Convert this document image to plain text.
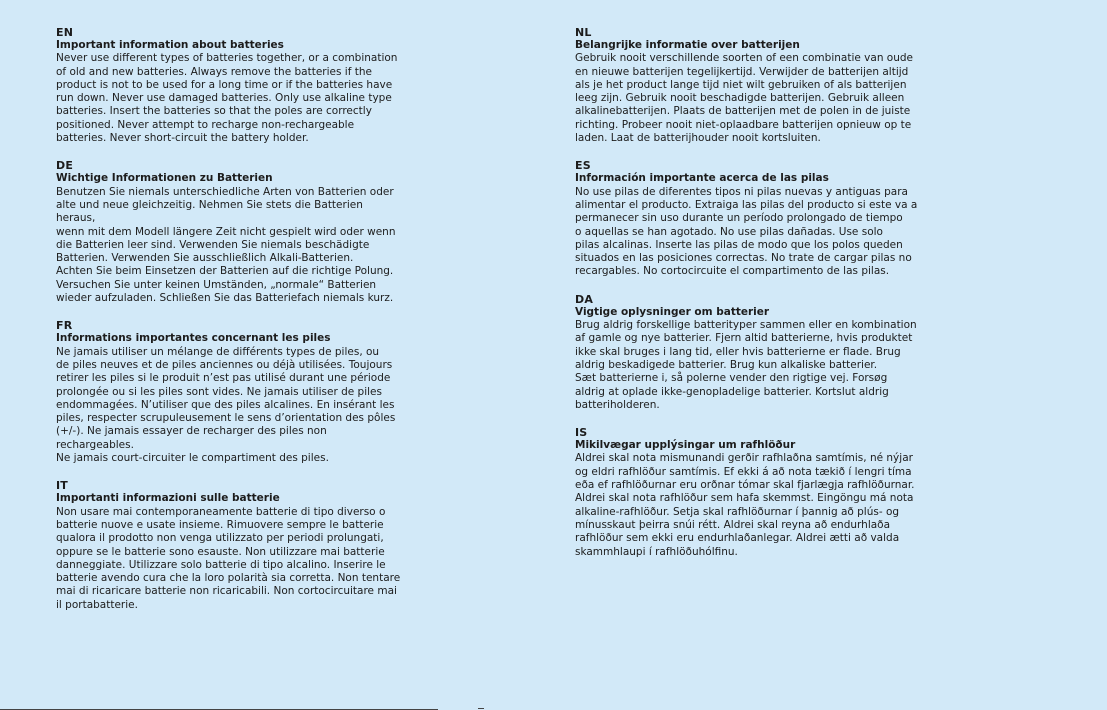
EN
Important information about batteries
Never use different types of batteries together, or a combination
of old and new batteries. Always remove the batteries if the
product is not to be used for a long time or if the batteries have
run down. Never use damaged batteries. Only use alkaline type
batteries. Insert the batteries so that the poles are correctly
positioned. Never attempt to recharge non-rechargeable
batteries. Never short-circuit the battery holder.
DE
Wichtige Informationen zu Batterien
Benutzen Sie niemals unterschiedliche Arten von Batterien oder
alte und neue gleichzeitig. Nehmen Sie stets die Batterien heraus,
wenn mit dem Modell längere Zeit nicht gespielt wird oder wenn
die Batterien leer sind. Verwenden Sie niemals beschädigte
Batterien. Verwenden Sie ausschließlich Alkali-Batterien.
Achten Sie beim Einsetzen der Batterien auf die richtige Polung.
Versuchen Sie unter keinen Umständen, „normale“ Batterien
wieder aufzuladen. Schließen Sie das Batteriefach niemals kurz.
FR
Informations importantes concernant les piles
Ne jamais utiliser un mélange de différents types de piles, ou
de piles neuves et de piles anciennes ou déjà utilisées. Toujours
retirer les piles si le produit n’est pas utilisé durant une période
prolongée ou si les piles sont vides. Ne jamais utiliser de piles
endommagées. N’utiliser que des piles alcalines. En insérant les
piles, respecter scrupuleusement le sens d’orientation des pôles
(+/-). Ne jamais essayer de recharger des piles non rechargeables.
Ne jamais court-circuiter le compartiment des piles.
IT
Importanti informazioni sulle batterie
Non usare mai contemporaneamente batterie di tipo diverso o
batterie nuove e usate insieme. Rimuovere sempre le batterie
qualora il prodotto non venga utilizzato per periodi prolungati,
oppure se le batterie sono esauste. Non utilizzare mai batterie
danneggiate. Utilizzare solo batterie di tipo alcalino. Inserire le
batterie avendo cura che la loro polarità sia corretta. Non tentare
mai di ricaricare batterie non ricaricabili. Non cortocircuitare mai
il portabatterie.
NL
Belangrijke informatie over batterijen
Gebruik nooit verschillende soorten of een combinatie van oude
en nieuwe batterijen tegelijkertijd. Verwijder de batterijen altijd
als je het product lange tijd niet wilt gebruiken of als batterijen
leeg zijn. Gebruik nooit beschadigde batterijen. Gebruik alleen
alkalinebatterijen. Plaats de batterijen met de polen in de juiste
richting. Probeer nooit niet-oplaadbare batterijen opnieuw op te
laden. Laat de batterijhouder nooit kortsluiten.
ES
Información importante acerca de las pilas
No use pilas de diferentes tipos ni pilas nuevas y antiguas para
alimentar el producto. Extraiga las pilas del producto si este va a
permanecer sin uso durante un período prolongado de tiempo
o aquellas se han agotado. No use pilas dañadas. Use solo
pilas alcalinas. Inserte las pilas de modo que los polos queden
situados en las posiciones correctas. No trate de cargar pilas no
recargables. No cortocircuite el compartimento de las pilas.
DA
Vigtige oplysninger om batterier
Brug aldrig forskellige batterityper sammen eller en kombination
af gamle og nye batterier. Fjern altid batterierne, hvis produktet
ikke skal bruges i lang tid, eller hvis batterierne er flade. Brug
aldrig beskadigede batterier. Brug kun alkaliske batterier.
Sæt batterierne i, så polerne vender den rigtige vej. Forsøg
aldrig at oplade ikke-genopladelige batterier. Kortslut aldrig
batteriholderen.
IS
Mikilvægar upplýsingar um rafhlöður
Aldrei skal nota mismunandi gerðir rafhlaðna samtímis, né nýjar
og eldri rafhlöður samtímis. Ef ekki á að nota tækið í lengri tíma
eða ef rafhlöðurnar eru orðnar tómar skal fjarlægja rafhlöðurnar.
Aldrei skal nota rafhlöður sem hafa skemmst. Eingöngu má nota
alkaline-rafhlöður. Setja skal rafhlöðurnar í þannig að plús- og
mínusskaut þeirra snúi rétt. Aldrei skal reyna að endurhlaða
rafhlöður sem ekki eru endurhlaðanlegar. Aldrei ætti að valda
skammhlaupi í rafhlöðuhólfinu.
